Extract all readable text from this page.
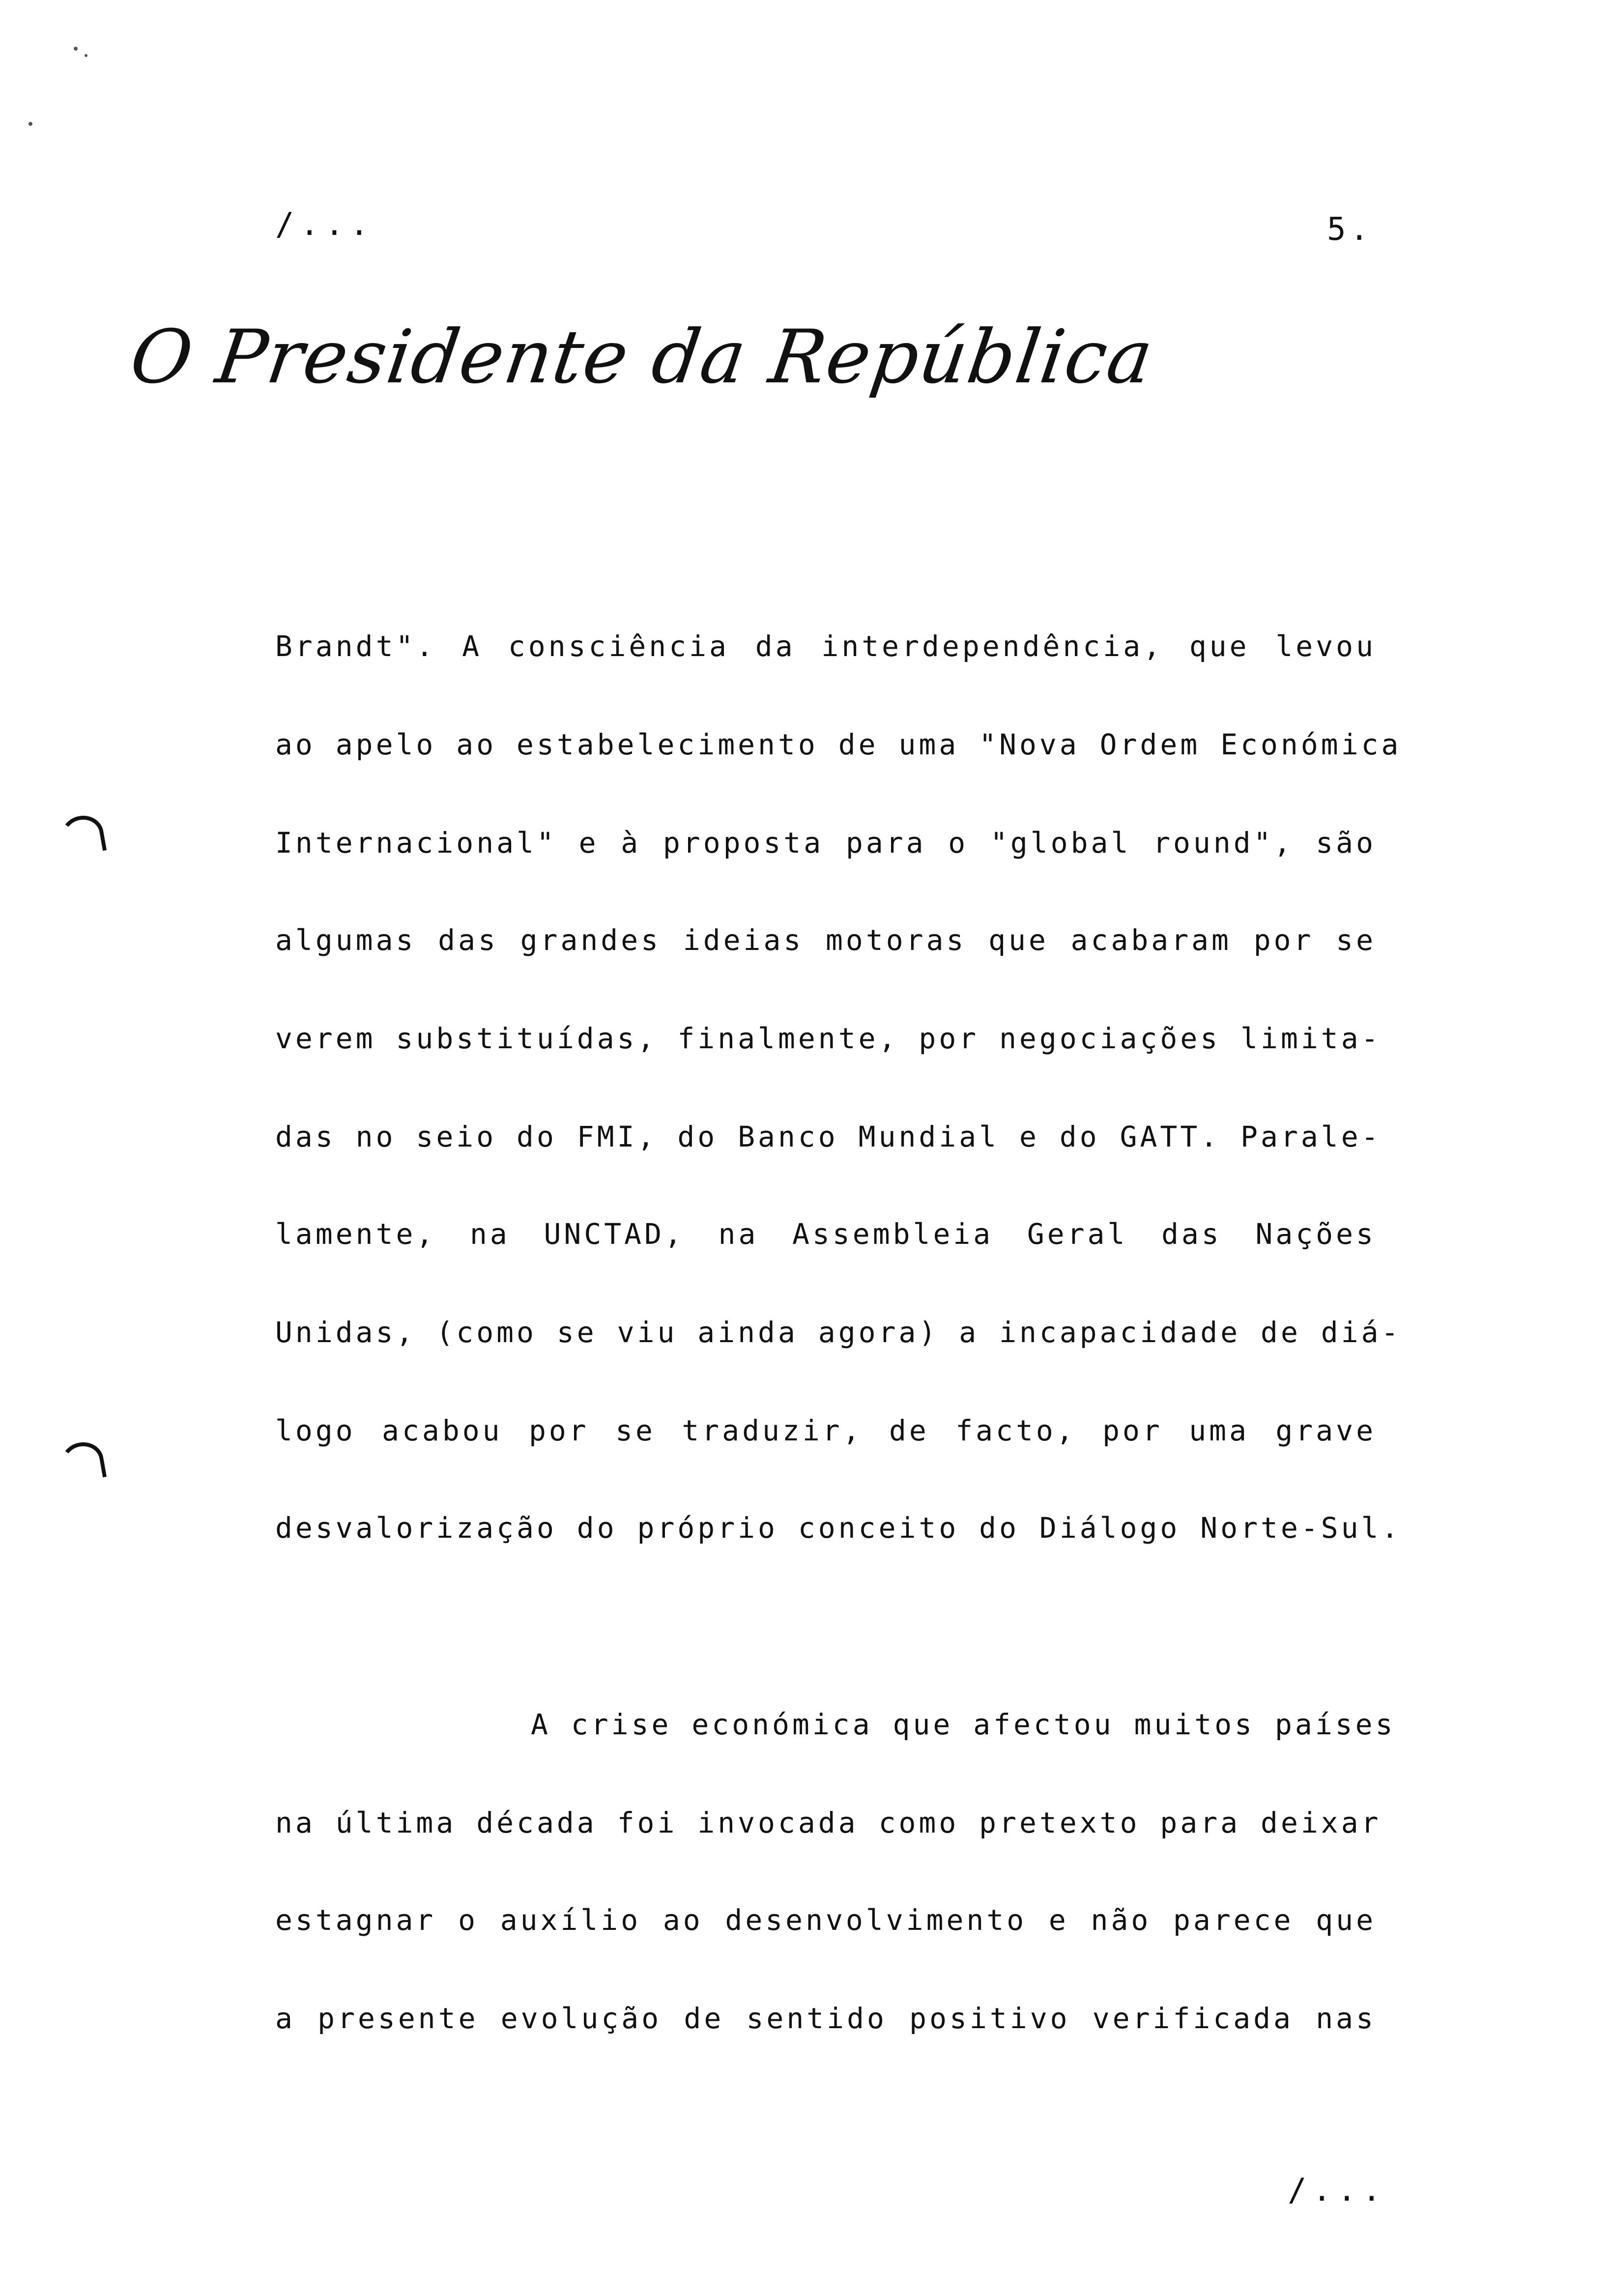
/...	5.
O Presidente da República
Brandt". A consciência da interdependência, que levou
ao apelo ao estabelecimento de uma "Nova Ordem Económica
Internacional" e à proposta para o "global round", são
algumas das grandes ideias motoras que acabaram por se
verem substituídas, finalmente, por negociações limita-
das no seio do FMI, do Banco Mundial e do GATT. Parale-
lamente, na UNCTAD, na Assembleia Geral das Nações
Unidas, (como se viu ainda agora) a incapacidade de diá-
logo acabou por se traduzir, de facto, por uma grave
desvalorização do próprio conceito do Diálogo Norte-Sul.
A crise económica que afectou muitos países
na última década foi invocada como pretexto para deixar
estagnar o auxílio ao desenvolvimento e não parece que
a presente evolução de sentido positivo verificada nas
/...
